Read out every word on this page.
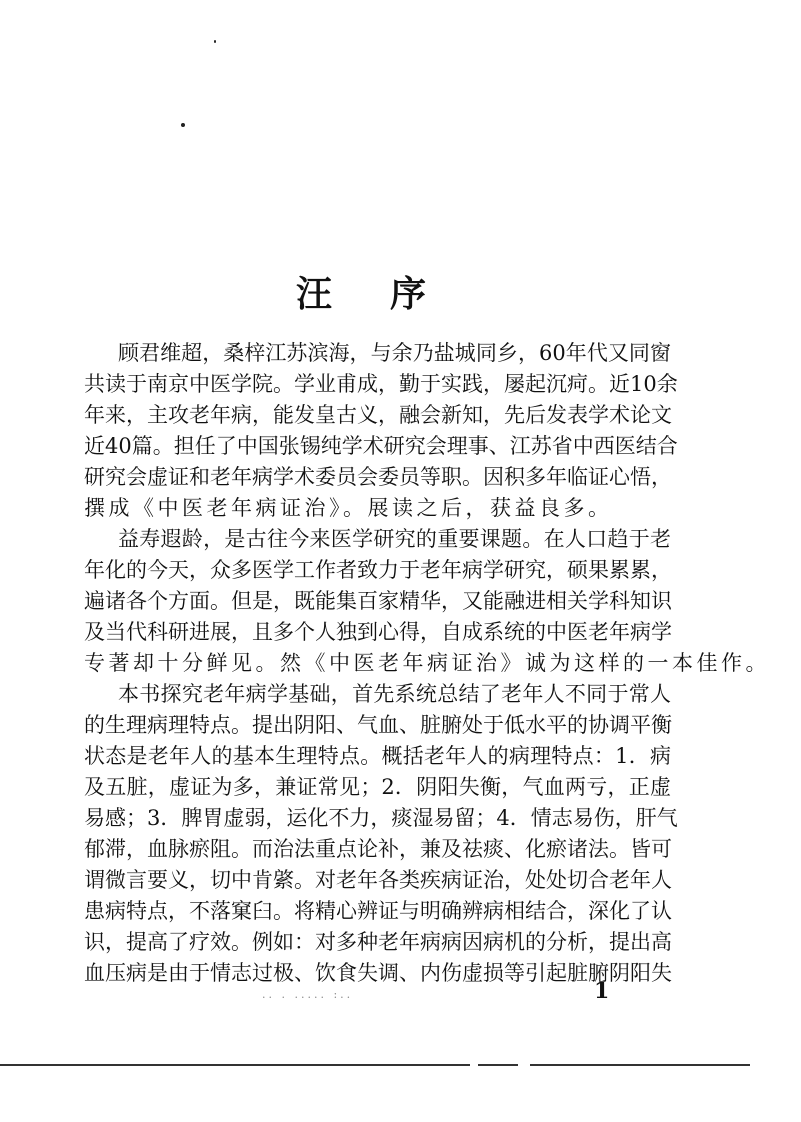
汪 序
顾君维超，桑梓江苏滨海，与余乃盐城同乡，60年代又同窗
共读于南京中医学院。学业甫成，勤于实践，屡起沉疴。近10余
年来，主攻老年病，能发皇古义，融会新知，先后发表学术论文
近40篇。担任了中国张锡纯学术研究会理事、江苏省中西医结合
研究会虚证和老年病学术委员会委员等职。因积多年临证心悟，
撰成《中医老年病证治》。展读之后，获益良多。
益寿遐龄，是古往今来医学研究的重要课题。在人口趋于老
年化的今天，众多医学工作者致力于老年病学研究，硕果累累，
遍诸各个方面。但是，既能集百家精华，又能融进相关学科知识
及当代科研进展，且多个人独到心得，自成系统的中医老年病学
专著却十分鲜见。然《中医老年病证治》诚为这样的一本佳作。
本书探究老年病学基础，首先系统总结了老年人不同于常人
的生理病理特点。提出阴阳、气血、脏腑处于低水平的协调平衡
状态是老年人的基本生理特点。概括老年人的病理特点：1．病
及五脏，虚证为多，兼证常见；2．阴阳失衡，气血两亏，正虚
易感；3．脾胃虚弱，运化不力，痰湿易留；4．情志易伤，肝气
郁滞，血脉瘀阻。而治法重点论补，兼及祛痰、化瘀诸法。皆可
谓微言要义，切中肯綮。对老年各类疾病证治，处处切合老年人
患病特点，不落窠臼。将精心辨证与明确辨病相结合，深化了认
识，提高了疗效。例如：对多种老年病病因病机的分析，提出高
血压病是由于情志过极、饮食失调、内伤虚损等引起脏腑阴阳失
.. . ..... :..	1
